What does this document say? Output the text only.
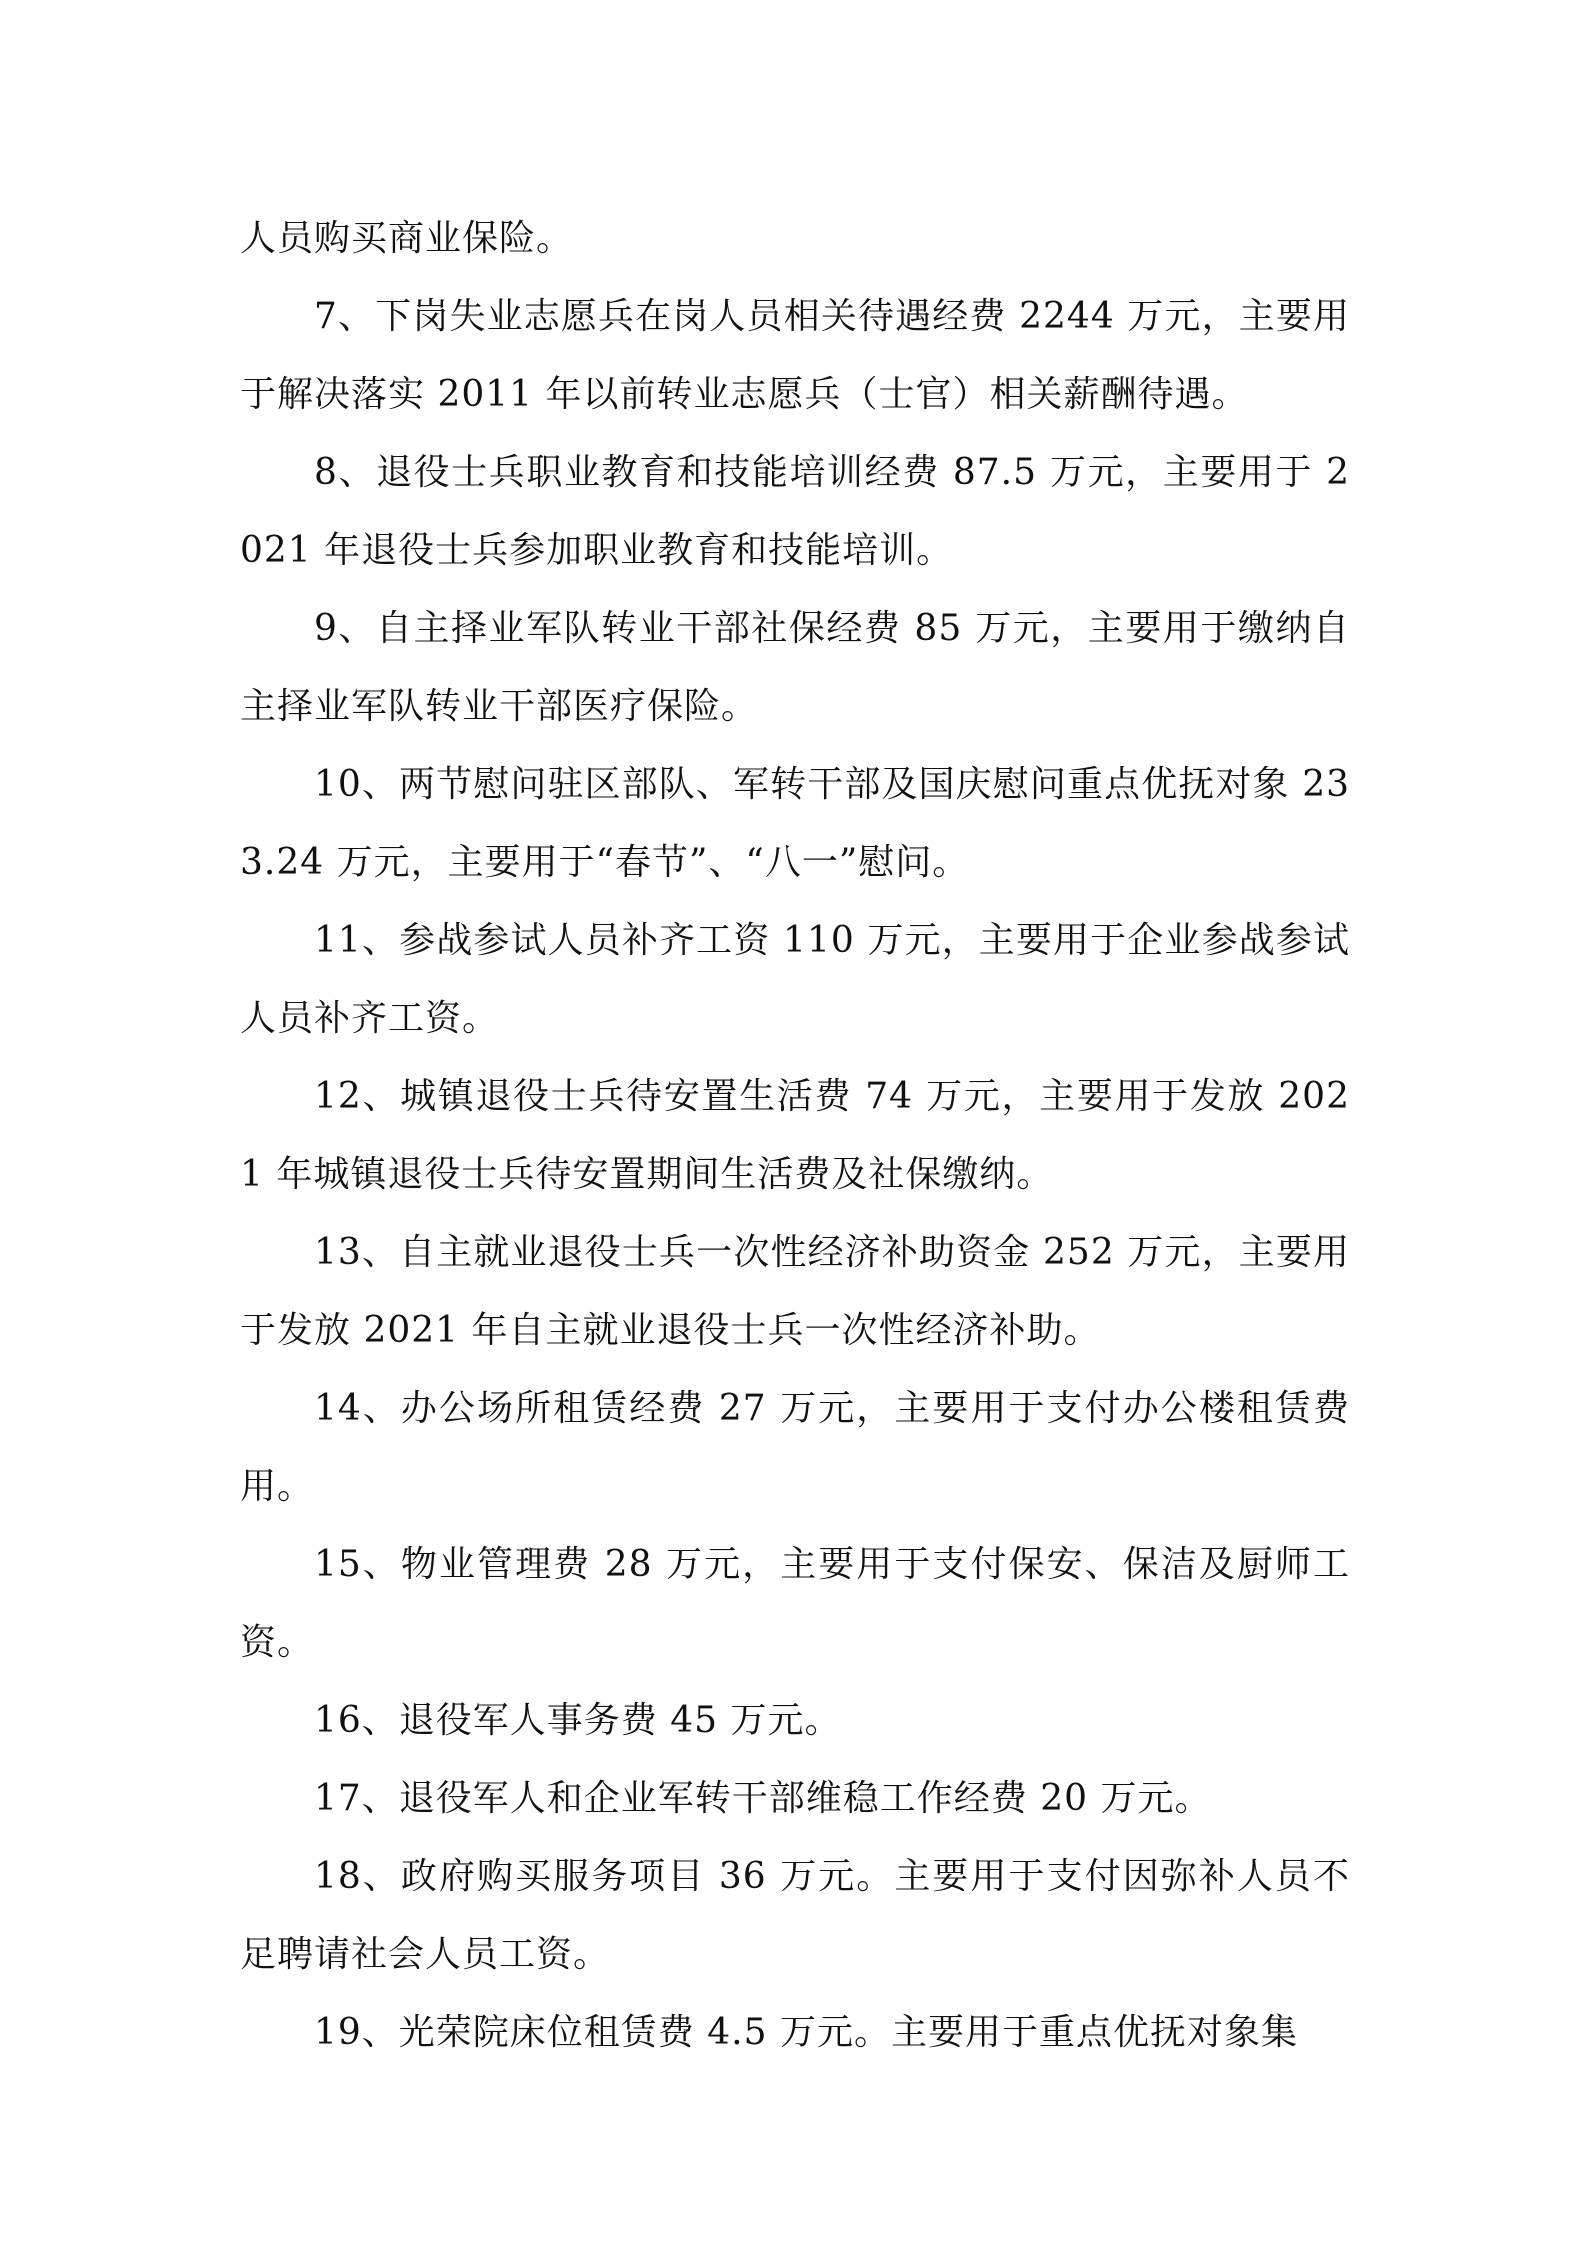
人员购买商业保险。

7、下岗失业志愿兵在岗人员相关待遇经费 2244 万元，主要用于解决落实 2011 年以前转业志愿兵（士官）相关薪酬待遇。

8、退役士兵职业教育和技能培训经费 87.5 万元，主要用于 2021 年退役士兵参加职业教育和技能培训。

9、自主择业军队转业干部社保经费 85 万元，主要用于缴纳自主择业军队转业干部医疗保险。

10、两节慰问驻区部队、军转干部及国庆慰问重点优抚对象 233.24 万元，主要用于“春节”、“八一”慰问。

11、参战参试人员补齐工资 110 万元，主要用于企业参战参试人员补齐工资。

12、城镇退役士兵待安置生活费 74 万元，主要用于发放 2021 年城镇退役士兵待安置期间生活费及社保缴纳。

13、自主就业退役士兵一次性经济补助资金 252 万元，主要用于发放 2021 年自主就业退役士兵一次性经济补助。

14、办公场所租赁经费 27 万元，主要用于支付办公楼租赁费用。

15、物业管理费 28 万元，主要用于支付保安、保洁及厨师工资。

16、退役军人事务费 45 万元。

17、退役军人和企业军转干部维稳工作经费 20 万元。

18、政府购买服务项目 36 万元。主要用于支付因弥补人员不足聘请社会人员工资。

19、光荣院床位租赁费 4.5 万元。主要用于重点优抚对象集
